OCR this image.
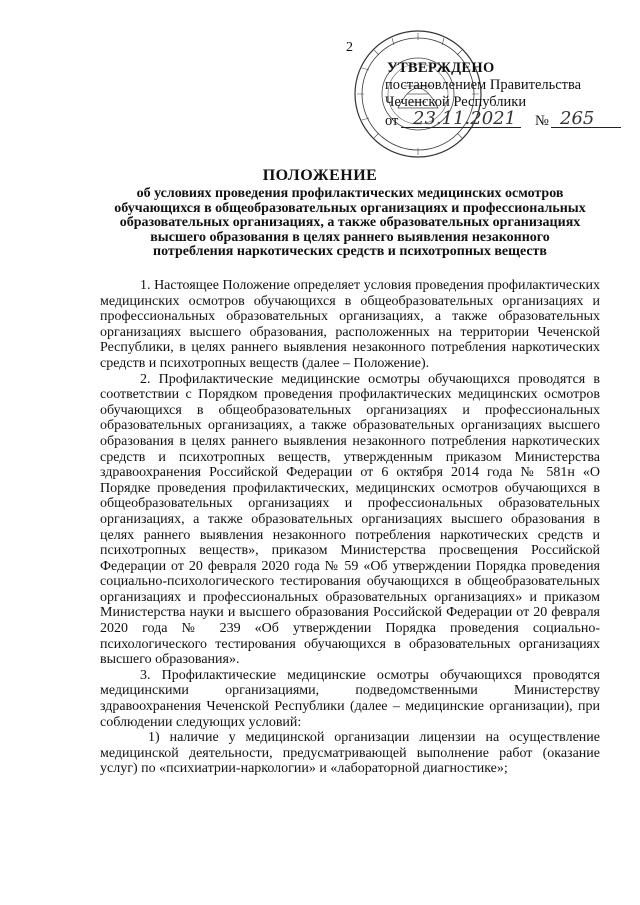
2
УТВЕРЖДЕНО
постановлением Правительства
Чеченской Республики
от 23.11.2021 № 265
ПОЛОЖЕНИЕ
об условиях проведения профилактических медицинских осмотров обучающихся в общеобразовательных организациях и профессиональных образовательных организациях, а также образовательных организациях высшего образования в целях раннего выявления незаконного потребления наркотических средств и психотропных веществ

1. Настоящее Положение определяет условия проведения профилактических медицинских осмотров обучающихся в общеобразовательных организациях и профессиональных образовательных организациях, а также образовательных организациях высшего образования, расположенных на территории Чеченской Республики, в целях раннего выявления незаконного потребления наркотических средств и психотропных веществ (далее – Положение).

2. Профилактические медицинские осмотры обучающихся проводятся в соответствии с Порядком проведения профилактических медицинских осмотров обучающихся в общеобразовательных организациях и профессиональных образовательных организациях, а также образовательных организациях высшего образования в целях раннего выявления незаконного потребления наркотических средств и психотропных веществ, утвержденным приказом Министерства здравоохранения Российской Федерации от 6 октября 2014 года № 581н «О Порядке проведения профилактических, медицинских осмотров обучающихся в общеобразовательных организациях и профессиональных образовательных организациях, а также образовательных организациях высшего образования в целях раннего выявления незаконного потребления наркотических средств и психотропных веществ», приказом Министерства просвещения Российской Федерации от 20 февраля 2020 года № 59 «Об утверждении Порядка проведения социально-психологического тестирования обучающихся в общеобразовательных организациях и профессиональных образовательных организациях» и приказом Министерства науки и высшего образования Российской Федерации от 20 февраля 2020 года № 239 «Об утверждении Порядка проведения социально-психологического тестирования обучающихся в образовательных организациях высшего образования».

3. Профилактические медицинские осмотры обучающихся проводятся медицинскими организациями, подведомственными Министерству здравоохранения Чеченской Республики (далее – медицинские организации), при соблюдении следующих условий:

1) наличие у медицинской организации лицензии на осуществление медицинской деятельности, предусматривающей выполнение работ (оказание услуг) по «психиатрии-наркологии» и «лабораторной диагностике»;
